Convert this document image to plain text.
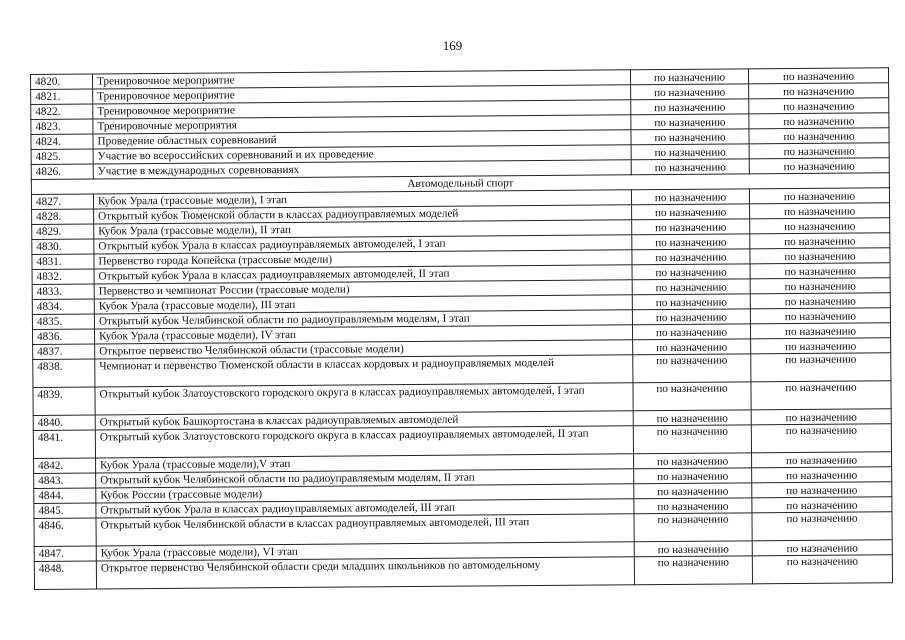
169
4820.	Тренировочное мероприятие	по назначению	по назначению
4821.	Тренировочное мероприятие	по назначению	по назначению
4822.	Тренировочное мероприятие	по назначению	по назначению
4823.	Тренировочные мероприятия	по назначению	по назначению
4824.	Проведение областных соревнований	по назначению	по назначению
4825.	Участие во всероссийских соревнований и их проведение	по назначению	по назначению
4826.	Участие в международных соревнованиях	по назначению	по назначению
Автомодельный спорт			
4827.	Кубок Урала (трассовые модели), I этап	по назначению	по назначению
4828.	Открытый кубок Тюменской области в классах радиоуправляемых моделей	по назначению	по назначению
4829.	Кубок Урала (трассовые модели), II этап	по назначению	по назначению
4830.	Открытый кубок Урала в классах радиоуправляемых автомоделей, I этап	по назначению	по назначению
4831.	Первенство города Копейска (трассовые модели)	по назначению	по назначению
4832.	Открытый кубок Урала в классах радиоуправляемых автомоделей, II этап	по назначению	по назначению
4833.	Первенство и чемпионат России (трассовые модели)	по назначению	по назначению
4834.	Кубок Урала (трассовые модели), III этап	по назначению	по назначению
4835.	Открытый кубок Челябинской области по радиоуправляемым моделям, I этап	по назначению	по назначению
4836.	Кубок Урала (трассовые модели), IV этап	по назначению	по назначению
4837.	Открытое первенство Челябинской области (трассовые модели)	по назначению	по назначению
4838.	Чемпионат и первенство Тюменской области в классах кордовых и радиоуправляемых моделей	по назначению	по назначению
4839.	Открытый кубок Златоустовского городского округа в классах радиоуправляемых автомоделей, I этап	по назначению	по назначению
4840.	Открытый кубок Башкортостана в классах радиоуправляемых автомоделей	по назначению	по назначению
4841.	Открытый кубок Златоустовского городского округа в классах радиоуправляемых автомоделей, II этап	по назначению	по назначению
4842.	Кубок Урала (трассовые модели),V этап	по назначению	по назначению
4843.	Открытый кубок Челябинской области по радиоуправляемым моделям, II этап	по назначению	по назначению
4844.	Кубок России (трассовые модели)	по назначению	по назначению
4845.	Открытый кубок Урала в классах радиоуправляемых автомоделей, III этап	по назначению	по назначению
4846.	Открытый кубок Челябинской области в классах радиоуправляемых автомоделей, III этап	по назначению	по назначению
4847.	Кубок Урала (трассовые модели), VI этап	по назначению	по назначению
4848.	Открытое первенство Челябинской области среди младших школьников по автомодельному	по назначению	по назначению
